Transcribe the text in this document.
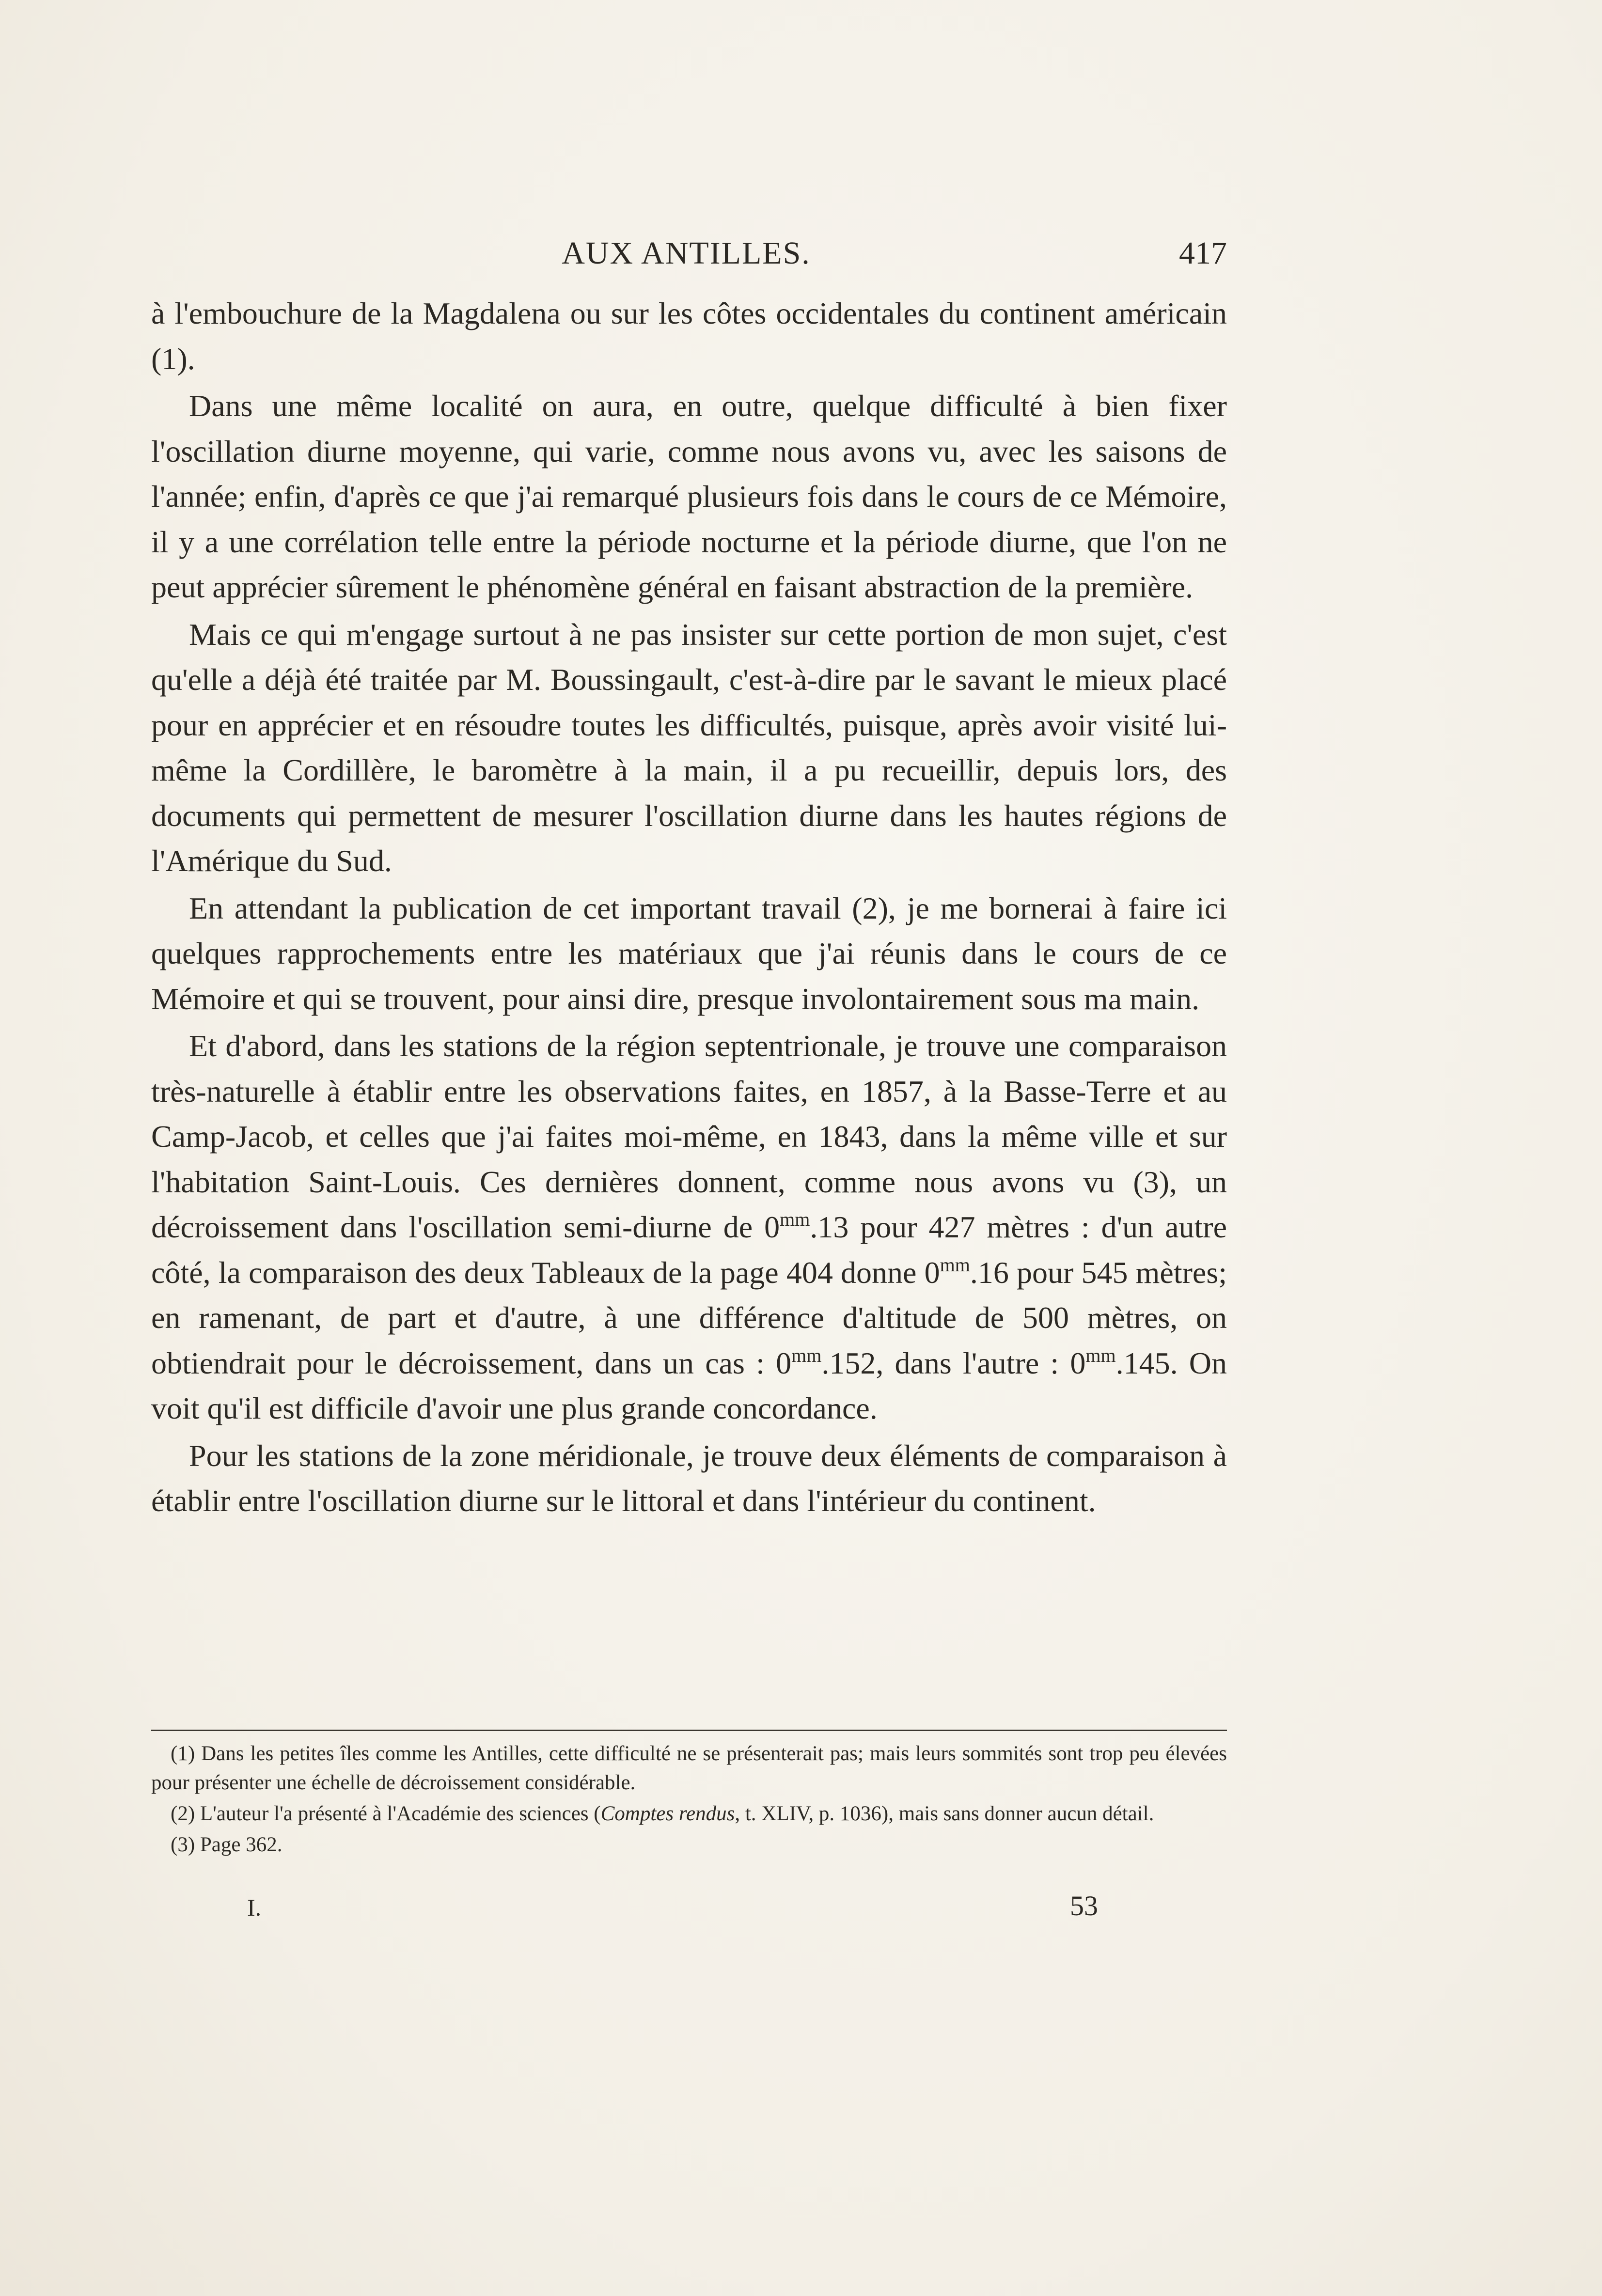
AUX ANTILLES.	417

à l'embouchure de la Magdalena ou sur les côtes occidentales du continent américain (1).

Dans une même localité on aura, en outre, quelque difficulté à bien fixer l'oscillation diurne moyenne, qui varie, comme nous avons vu, avec les saisons de l'année; enfin, d'après ce que j'ai remarqué plusieurs fois dans le cours de ce Mémoire, il y a une corrélation telle entre la période nocturne et la période diurne, que l'on ne peut apprécier sûrement le phénomène général en faisant abstraction de la première.

Mais ce qui m'engage surtout à ne pas insister sur cette portion de mon sujet, c'est qu'elle a déjà été traitée par M. Boussingault, c'est-à-dire par le savant le mieux placé pour en apprécier et en résoudre toutes les difficultés, puisque, après avoir visité lui-même la Cordillère, le baromètre à la main, il a pu recueillir, depuis lors, des documents qui permettent de mesurer l'oscillation diurne dans les hautes régions de l'Amérique du Sud.

En attendant la publication de cet important travail (2), je me bornerai à faire ici quelques rapprochements entre les matériaux que j'ai réunis dans le cours de ce Mémoire et qui se trouvent, pour ainsi dire, presque involontairement sous ma main.

Et d'abord, dans les stations de la région septentrionale, je trouve une comparaison très-naturelle à établir entre les observations faites, en 1857, à la Basse-Terre et au Camp-Jacob, et celles que j'ai faites moi-même, en 1843, dans la même ville et sur l'habitation Saint-Louis. Ces dernières donnent, comme nous avons vu (3), un décroissement dans l'oscillation semi-diurne de $0^{mm}.13$ pour 427 mètres : d'un autre côté, la comparaison des deux Tableaux de la page 404 donne $0^{mm}.16$ pour 545 mètres; en ramenant, de part et d'autre, à une différence d'altitude de 500 mètres, on obtiendrait pour le décroissement, dans un cas : $0^{mm}.152$, dans l'autre : $0^{mm}.145$. On voit qu'il est difficile d'avoir une plus grande concordance.

Pour les stations de la zone méridionale, je trouve deux éléments de comparaison à établir entre l'oscillation diurne sur le littoral et dans l'intérieur du continent.

(1) Dans les petites îles comme les Antilles, cette difficulté ne se présenterait pas; mais leurs sommités sont trop peu élevées pour présenter une échelle de décroissement considérable.

(2) L'auteur l'a présenté à l'Académie des sciences (Comptes rendus, t. XLIV, p. 1036), mais sans donner aucun détail.

(3) Page 362.

I.	53
